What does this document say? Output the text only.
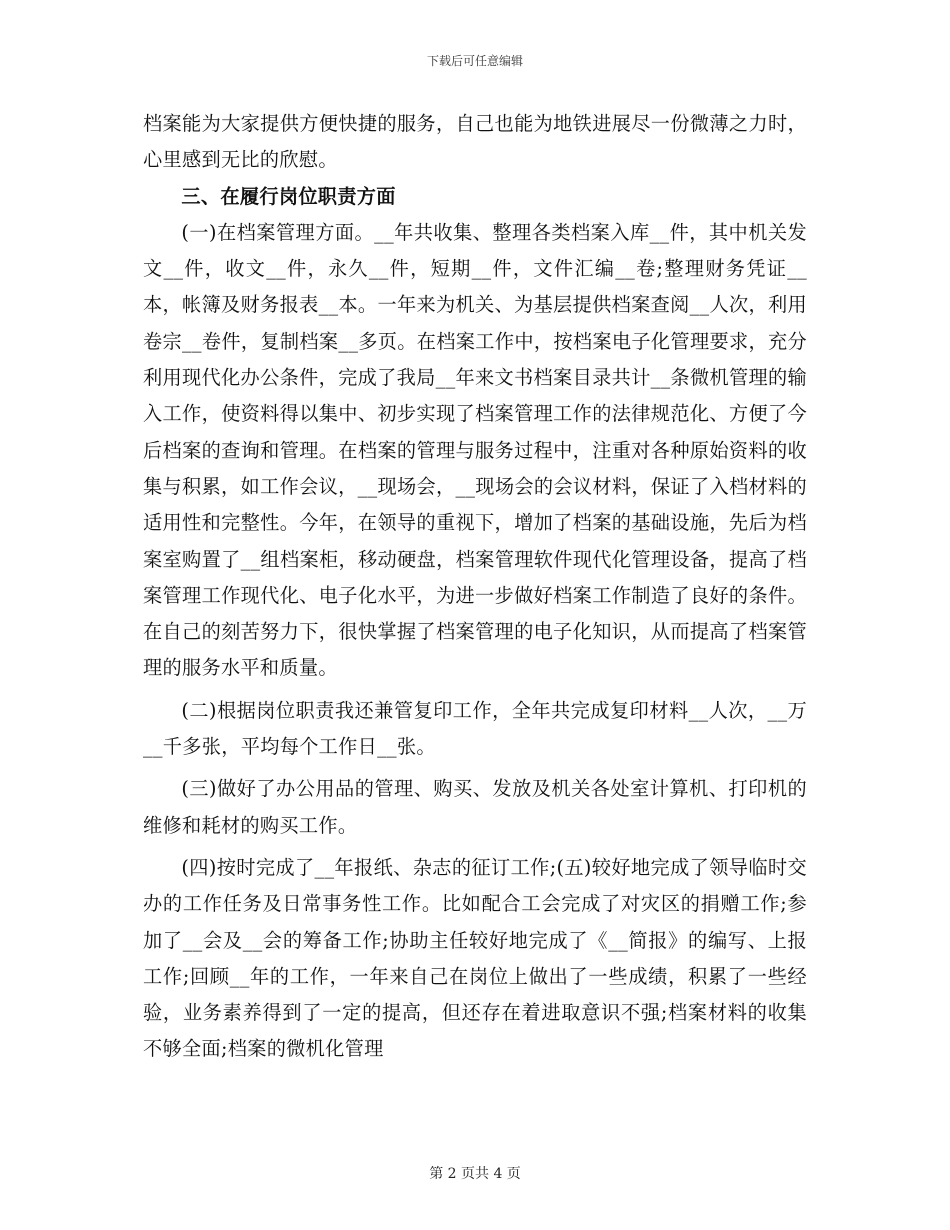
下载后可任意编辑

档案能为大家提供方便快捷的服务，自己也能为地铁进展尽一份微薄之力时，心里感到无比的欣慰。

三、在履行岗位职责方面

(一)在档案管理方面。__年共收集、整理各类档案入库__件，其中机关发文__件，收文__件，永久__件，短期__件，文件汇编__卷;整理财务凭证__本，帐簿及财务报表__本。一年来为机关、为基层提供档案查阅__人次，利用卷宗__卷件，复制档案__多页。在档案工作中，按档案电子化管理要求，充分利用现代化办公条件，完成了我局__年来文书档案目录共计__条微机管理的输入工作，使资料得以集中、初步实现了档案管理工作的法律规范化、方便了今后档案的查询和管理。在档案的管理与服务过程中，注重对各种原始资料的收集与积累，如工作会议，__现场会，__现场会的会议材料，保证了入档材料的适用性和完整性。今年，在领导的重视下，增加了档案的基础设施，先后为档案室购置了__组档案柜，移动硬盘，档案管理软件现代化管理设备，提高了档案管理工作现代化、电子化水平，为进一步做好档案工作制造了良好的条件。在自己的刻苦努力下，很快掌握了档案管理的电子化知识，从而提高了档案管理的服务水平和质量。

(二)根据岗位职责我还兼管复印工作，全年共完成复印材料__人次，__万__千多张，平均每个工作日__张。

(三)做好了办公用品的管理、购买、发放及机关各处室计算机、打印机的维修和耗材的购买工作。

(四)按时完成了__年报纸、杂志的征订工作;(五)较好地完成了领导临时交办的工作任务及日常事务性工作。比如配合工会完成了对灾区的捐赠工作;参加了__会及__会的筹备工作;协助主任较好地完成了《__简报》的编写、上报工作;回顾__年的工作，一年来自己在岗位上做出了一些成绩，积累了一些经验，业务素养得到了一定的提高，但还存在着进取意识不强;档案材料的收集不够全面;档案的微机化管理

第 2 页共 4 页
